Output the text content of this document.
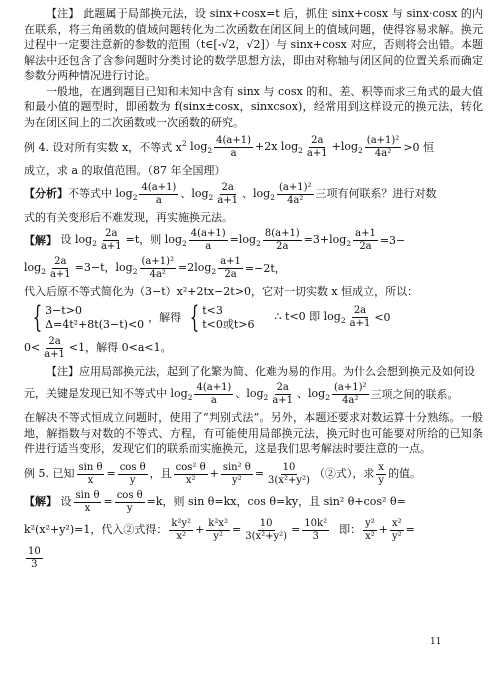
【注】 此题属于局部换元法，设 sinx+cosx=t 后，抓住 sinx+cosx 与 sinx·cosx 的内在联系，将三角函数的值域问题转化为二次函数在闭区间上的值域问题，使得容易求解。换元过程中一定要注意新的参数的范围（t∈[-√2，√2]）与 sinx+cosx 对应，否则将会出错。本题解法中还包含了含参问题时分类讨论的数学思想方法，即由对称轴与闭区间的位置关系而确定参数分两种情况进行讨论。

一般地，在遇到题目已知和未知中含有 sinx 与 cosx 的和、差、积等而求三角式的最大值和最小值的题型时，即函数为 f(sinx±cosx，sinxcsox)，经常用到这样设元的换元法，转化为在闭区间上的二次函数或一次函数的研究。

例 4. 设对所有实数 x，不等式 x 2 $\log_2 \frac{4(a+1)}{a} +2x$ $\log_2 \frac{2a}{a+1} +\log_2 \frac{\text{(a+1)²}}{\text{4a²}} >0$ 恒

成立，求 a 的取值范围。（87 年全国理）

【分析】 不等式中 $\log_2 \frac{4(a+1)}{a}$ 、$\log_2 \frac{2a}{a+1}$ 、$\log_2 \frac{\text{(a+1)²}}{\text{4a²}}$ 三项有何联系？进行对数

式的有关变形后不难发现，再实施换元法。

【解】 设 $\log_2 \frac{2a}{a+1} =t$，则 $\log_2 \frac{4(a+1)}{a} =\log_2 \frac{8(a+1)}{2a} =3+\log_2 \frac{a+1}{2a} =3-$
$\log_2 \frac{2a}{a+1} =3-t$，$\log_2 \frac{\text{(a+1)²}}{\text{4a²}} =2\log_2 \frac{a+1}{2a} =-2t$，

代入后原不等式简化为（3−t）x²+2tx−2t>0，它对一切实数 x 恒成立，所以：

{ 3−t>0
Δ=4t²+8t(3−t)<0
，解得 { t<3
t<0或t>6
∴ t<0 即 $\log_2 \frac{2a}{a+1} <0$
$0< \frac{2a}{a+1} <1$，解得 0<a<1。

【注】应用局部换元法，起到了化繁为简、化难为易的作用。为什么会想到换元及如何设

元，关键是发现已知不等式中 $\log_2 \frac{4(a+1)}{a}$ 、$\log_2 \frac{2a}{a+1}$ 、$\log_2 \frac{\text{(a+1)²}}{\text{4a²}}$ 三项之间的联系。

在解决不等式恒成立问题时，使用了“判别式法”。另外，本题还要求对数运算十分熟练。一般地，解指数与对数的不等式、方程，有可能使用局部换元法，换元时也可能要对所给的已知条件进行适当变形，发现它们的联系而实施换元，这是我们思考解法时要注意的一点。

例 5. 已知 $\frac{\text{sin θ}}{x} = \frac{\text{cos θ}}{y}$ ，且 $\frac{\text{cos² θ}}{\text{x²}} + \frac{\text{sin² θ}}{\text{y²}} = \frac{10}{\text{3(x²+y²)}}$ （②式），求 $\frac{x}{y}$ 的值。
【解】 设 $\frac{\text{sin θ}}{x} = \frac{\text{cos θ}}{y} =k$，则 sin θ=kx，cos θ=ky，且 sin² θ+cos² θ=
k²(x²+y²)=1，代入②式得： $\frac{\text{k²y²}}{\text{x²}} + \frac{\text{k²x²}}{\text{y²}} = \frac{10}{\text{3(x²+y²)}} = \frac{\text{10k²}}{3}$ 即： $\frac{\text{y²}}{\text{x²}} + \frac{\text{x²}}{\text{y²}}$ =
$\frac{10}{3}$
11
